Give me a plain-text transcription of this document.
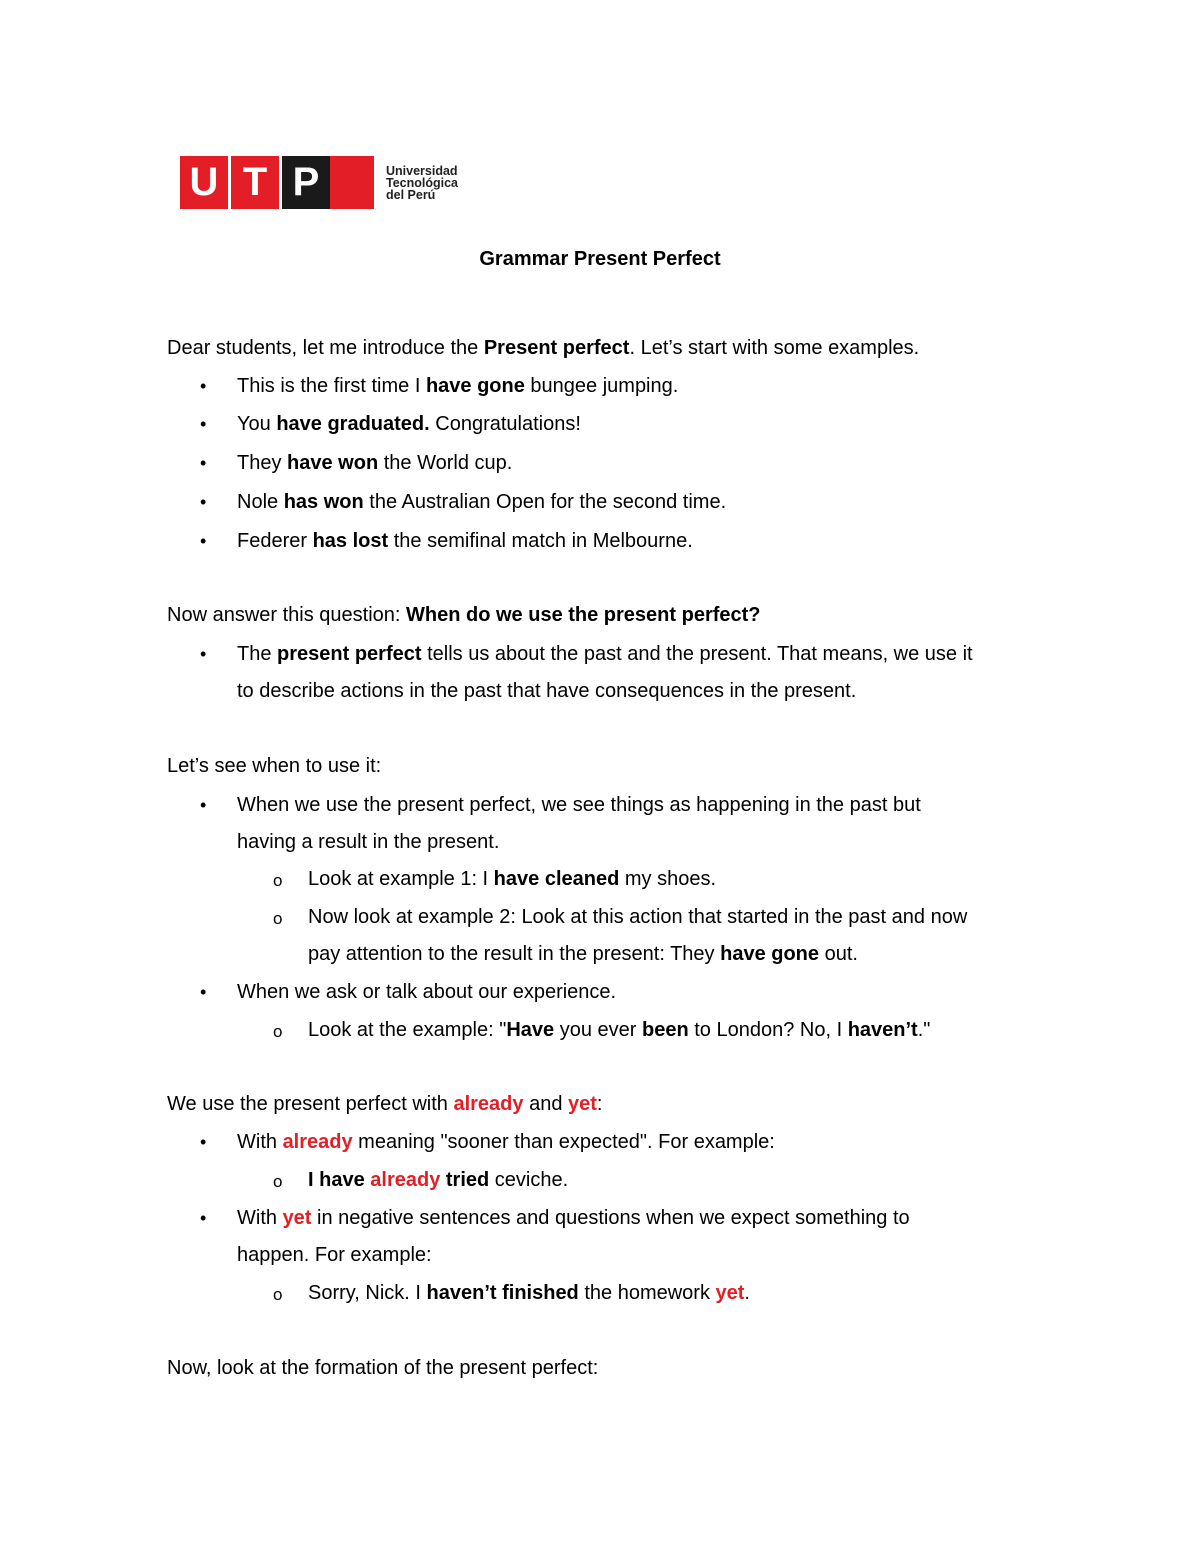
U T P	Universidad
Tecnológica
del Perú
Grammar Present Perfect
Dear students, let me introduce the Present perfect. Let’s start with some examples.
• This is the first time I have gone bungee jumping.
• You have graduated. Congratulations!
• They have won the World cup.
• Nole has won the Australian Open for the second time.
• Federer has lost the semifinal match in Melbourne.
Now answer this question: When do we use the present perfect?
• The present perfect tells us about the past and the present. That means, we use it
to describe actions in the past that have consequences in the present.
Let’s see when to use it:
• When we use the present perfect, we see things as happening in the past but
having a result in the present.
o Look at example 1: I have cleaned my shoes.
o Now look at example 2: Look at this action that started in the past and now
pay attention to the result in the present: They have gone out.
• When we ask or talk about our experience.
o Look at the example: "Have you ever been to London? No, I haven’t."
We use the present perfect with already and yet:
• With already meaning "sooner than expected". For example:
o I have already tried ceviche.
• With yet in negative sentences and questions when we expect something to
happen. For example:
o Sorry, Nick. I haven’t finished the homework yet.
Now, look at the formation of the present perfect:
